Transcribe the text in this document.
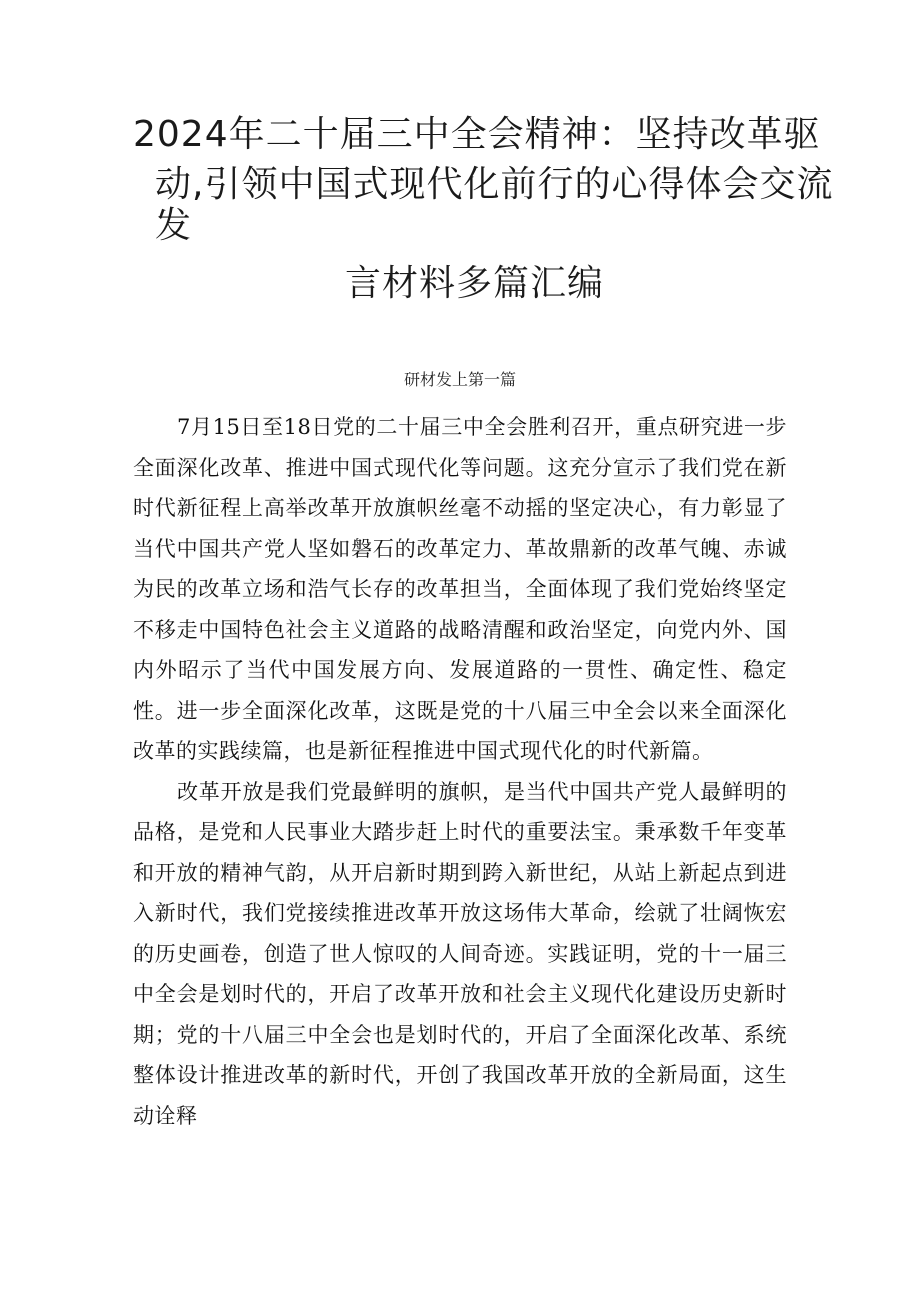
2024年二十届三中全会精神：坚持改革驱
动,引领中国式现代化前行的心得体会交流
发
言材料多篇汇编
研材发上第一篇

7月15日至18日党的二十届三中全会胜利召开，重点研究进一步全面深化改革、推进中国式现代化等问题。这充分宣示了我们党在新时代新征程上高举改革开放旗帜丝毫不动摇的坚定决心，有力彰显了当代中国共产党人坚如磐石的改革定力、革故鼎新的改革气魄、赤诚为民的改革立场和浩气长存的改革担当，全面体现了我们党始终坚定不移走中国特色社会主义道路的战略清醒和政治坚定，向党内外、国内外昭示了当代中国发展方向、发展道路的一贯性、确定性、稳定性。进一步全面深化改革，这既是党的十八届三中全会以来全面深化改革的实践续篇，也是新征程推进中国式现代化的时代新篇。

改革开放是我们党最鲜明的旗帜，是当代中国共产党人最鲜明的品格，是党和人民事业大踏步赶上时代的重要法宝。秉承数千年变革和开放的精神气韵，从开启新时期到跨入新世纪，从站上新起点到进入新时代，我们党接续推进改革开放这场伟大革命，绘就了壮阔恢宏的历史画卷，创造了世人惊叹的人间奇迹。实践证明，党的十一届三中全会是划时代的，开启了改革开放和社会主义现代化建设历史新时期；党的十八届三中全会也是划时代的，开启了全面深化改革、系统整体设计推进改革的新时代，开创了我国改革开放的全新局面，这生动诠释
